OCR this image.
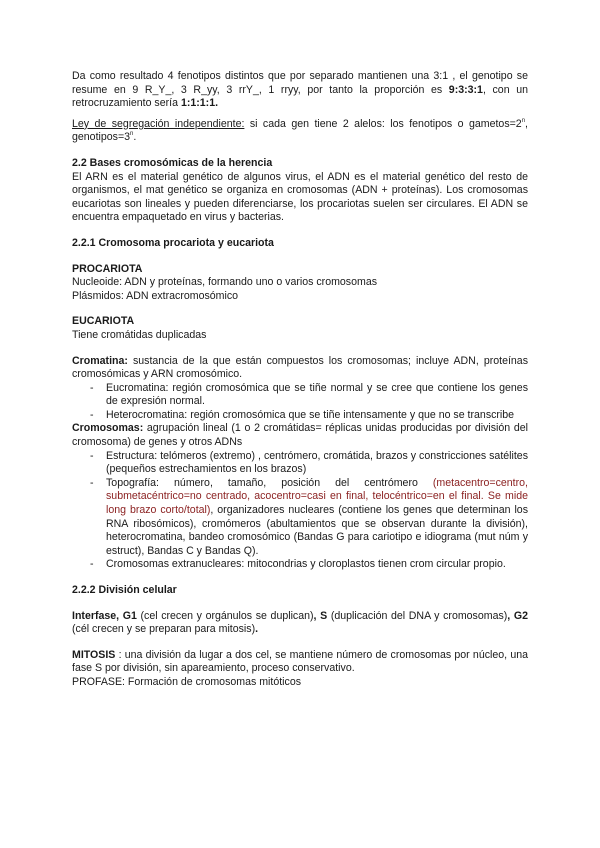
Da como resultado 4 fenotipos distintos que por separado mantienen una 3:1 , el genotipo se resume en 9 R_Y_, 3 R_yy, 3 rrY_, 1 rryy, por tanto la proporción es 9:3:3:1, con un retrocruzamiento sería 1:1:1:1.

Ley de segregación independiente: si cada gen tiene 2 alelos: los fenotipos o $gametos=2^n$, $genotipos=3^n$.

2.2 Bases cromosómicas de la herencia

El ARN es el material genético de algunos virus, el ADN es el material genético del resto de organismos, el mat genético se organiza en cromosomas (ADN + proteínas). Los cromosomas eucariotas son lineales y pueden diferenciarse, los procariotas suelen ser circulares. El ADN se encuentra empaquetado en virus y bacterias.

2.2.1 Cromosoma procariota y eucariota

PROCARIOTA

Nucleoide: ADN y proteínas, formando uno o varios cromosomas

Plásmidos: ADN extracromosómico

EUCARIOTA

Tiene cromátidas duplicadas

Cromatina: sustancia de la que están compuestos los cromosomas; incluye ADN, proteínas cromosómicas y ARN cromosómico.

- Eucromatina: región cromosómica que se tiñe normal y se cree que contiene los genes de expresión normal.
- Heterocromatina: región cromosómica que se tiñe intensamente y que no se transcribe

Cromosomas: agrupación lineal (1 o 2 cromátidas= réplicas unidas producidas por división del cromosoma) de genes y otros ADNs

- Estructura: telómeros (extremo) , centrómero, cromátida, brazos y constricciones satélites (pequeños estrechamientos en los brazos)
- Topografía: número, tamaño, posición del centrómero (metacentro=centro, submetacéntrico=no centrado, acocentro=casi en final, telocéntrico=en el final. Se mide long brazo corto/total), organizadores nucleares (contiene los genes que determinan los RNA ribosómicos), cromómeros (abultamientos que se observan durante la división), heterocromatina, bandeo cromosómico (Bandas G para cariotipo e idiograma (mut núm y estruct), Bandas C y Bandas Q).
- Cromosomas extranucleares: mitocondrias y cloroplastos tienen crom circular propio.

2.2.2 División celular

Interfase, G1 (cel crecen y orgánulos se duplican), S (duplicación del DNA y cromosomas), G2 (cél crecen y se preparan para mitosis).

MITOSIS : una división da lugar a dos cel, se mantiene número de cromosomas por núcleo, una fase S por división, sin apareamiento, proceso conservativo.

PROFASE: Formación de cromosomas mitóticos
